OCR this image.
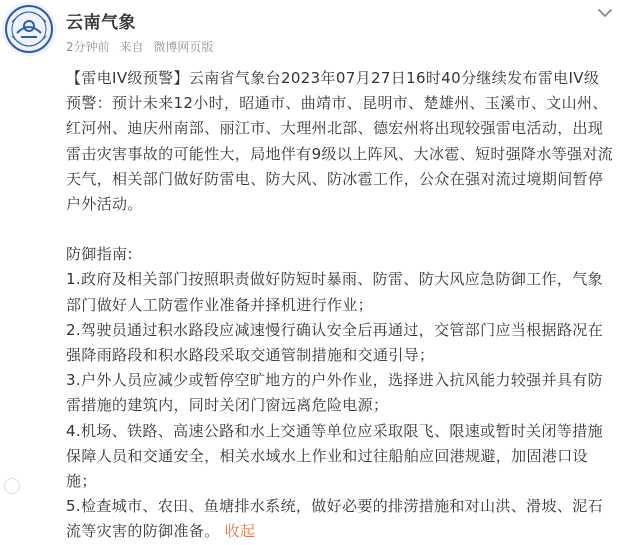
云南气象
2分钟前 来自 微博网页版
【雷电IV级预警】云南省气象台2023年07月27日16时40分继续发布雷电IV级预警：预计未来12小时，昭通市、曲靖市、昆明市、楚雄州、玉溪市、文山州、红河州、迪庆州南部、丽江市、大理州北部、德宏州将出现较强雷电活动，出现雷击灾害事故的可能性大，局地伴有9级以上阵风、大冰雹、短时强降水等强对流天气，相关部门做好防雷电、防大风、防冰雹工作，公众在强对流过境期间暂停户外活动。
防御指南:
1.政府及相关部门按照职责做好防短时暴雨、防雷、防大风应急防御工作，气象部门做好人工防雹作业准备并择机进行作业；
2.驾驶员通过积水路段应减速慢行确认安全后再通过，交管部门应当根据路况在强降雨路段和积水路段采取交通管制措施和交通引导；
3.户外人员应减少或暂停空旷地方的户外作业，选择进入抗风能力较强并具有防雷措施的建筑内，同时关闭门窗远离危险电源；
4.机场、铁路、高速公路和水上交通等单位应采取限飞、限速或暂时关闭等措施保障人员和交通安全，相关水域水上作业和过往船舶应回港规避，加固港口设施；
5.检查城市、农田、鱼塘排水系统，做好必要的排涝措施和对山洪、滑坡、泥石流等灾害的防御准备。 收起
